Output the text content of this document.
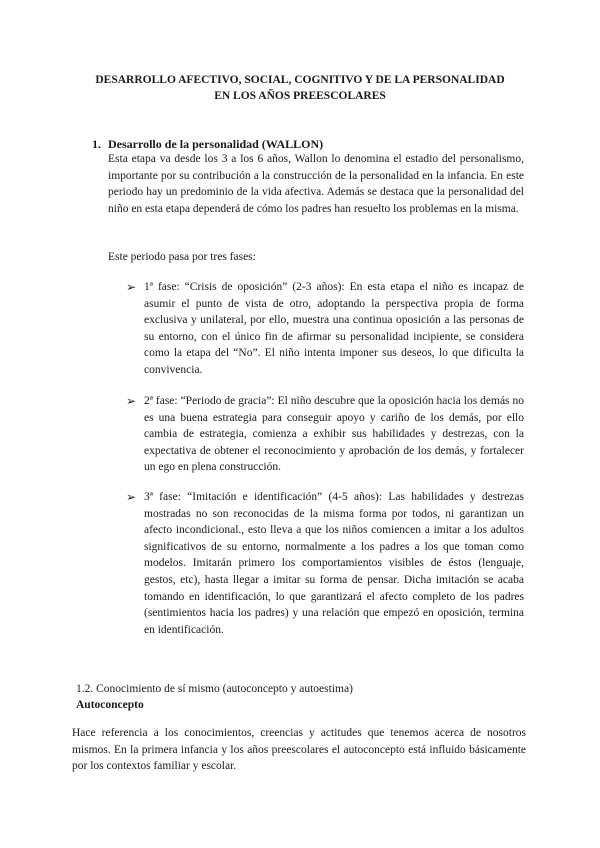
DESARROLLO AFECTIVO, SOCIAL, COGNITIVO Y DE LA PERSONALIDAD
EN LOS AÑOS PREESCOLARES
1. Desarrollo de la personalidad (WALLON)

Esta etapa va desde los 3 a los 6 años, Wallon lo denomina el estadio del personalismo, importante por su contribución a la construcción de la personalidad en la infancia. En este periodo hay un predominio de la vida afectiva. Además se destaca que la personalidad del niño en esta etapa dependerá de cómo los padres han resuelto los problemas en la misma.

Este periodo pasa por tres fases:

➢ 1ª fase: “Crisis de oposición” (2-3 años): En esta etapa el niño es incapaz de asumir el punto de vista de otro, adoptando la perspectiva propia de forma exclusiva y unilateral, por ello, muestra una continua oposición a las personas de su entorno, con el único fin de afirmar su personalidad incipiente, se considera como la etapa del “No”. El niño intenta imponer sus deseos, lo que dificulta la convivencia.

➢ 2ª fase: “Periodo de gracia”: El niño descubre que la oposición hacia los demás no es una buena estrategia para conseguir apoyo y cariño de los demás, por ello cambia de estrategia, comienza a exhibir sus habilidades y destrezas, con la expectativa de obtener el reconocimiento y aprobación de los demás, y fortalecer un ego en plena construcción.

➢ 3ª fase: “Imitación e identificación” (4-5 años): Las habilidades y destrezas mostradas no son reconocidas de la misma forma por todos, ni garantizan un afecto incondicional., esto lleva a que los niños comiencen a imitar a los adultos significativos de su entorno, normalmente a los padres a los que toman como modelos. Imitarán primero los comportamientos visibles de éstos (lenguaje, gestos, etc), hasta llegar a imitar su forma de pensar. Dicha imitación se acaba tomando en identificación, lo que garantizará el afecto completo de los padres (sentimientos hacia los padres) y una relación que empezó en oposición, termina en identificación.

1.2. Conocimiento de sí mismo (autoconcepto y autoestima)
Autoconcepto

Hace referencia a los conocimientos, creencias y actitudes que tenemos acerca de nosotros mismos. En la primera infancia y los años preescolares el autoconcepto está influido básicamente por los contextos familiar y escolar.
